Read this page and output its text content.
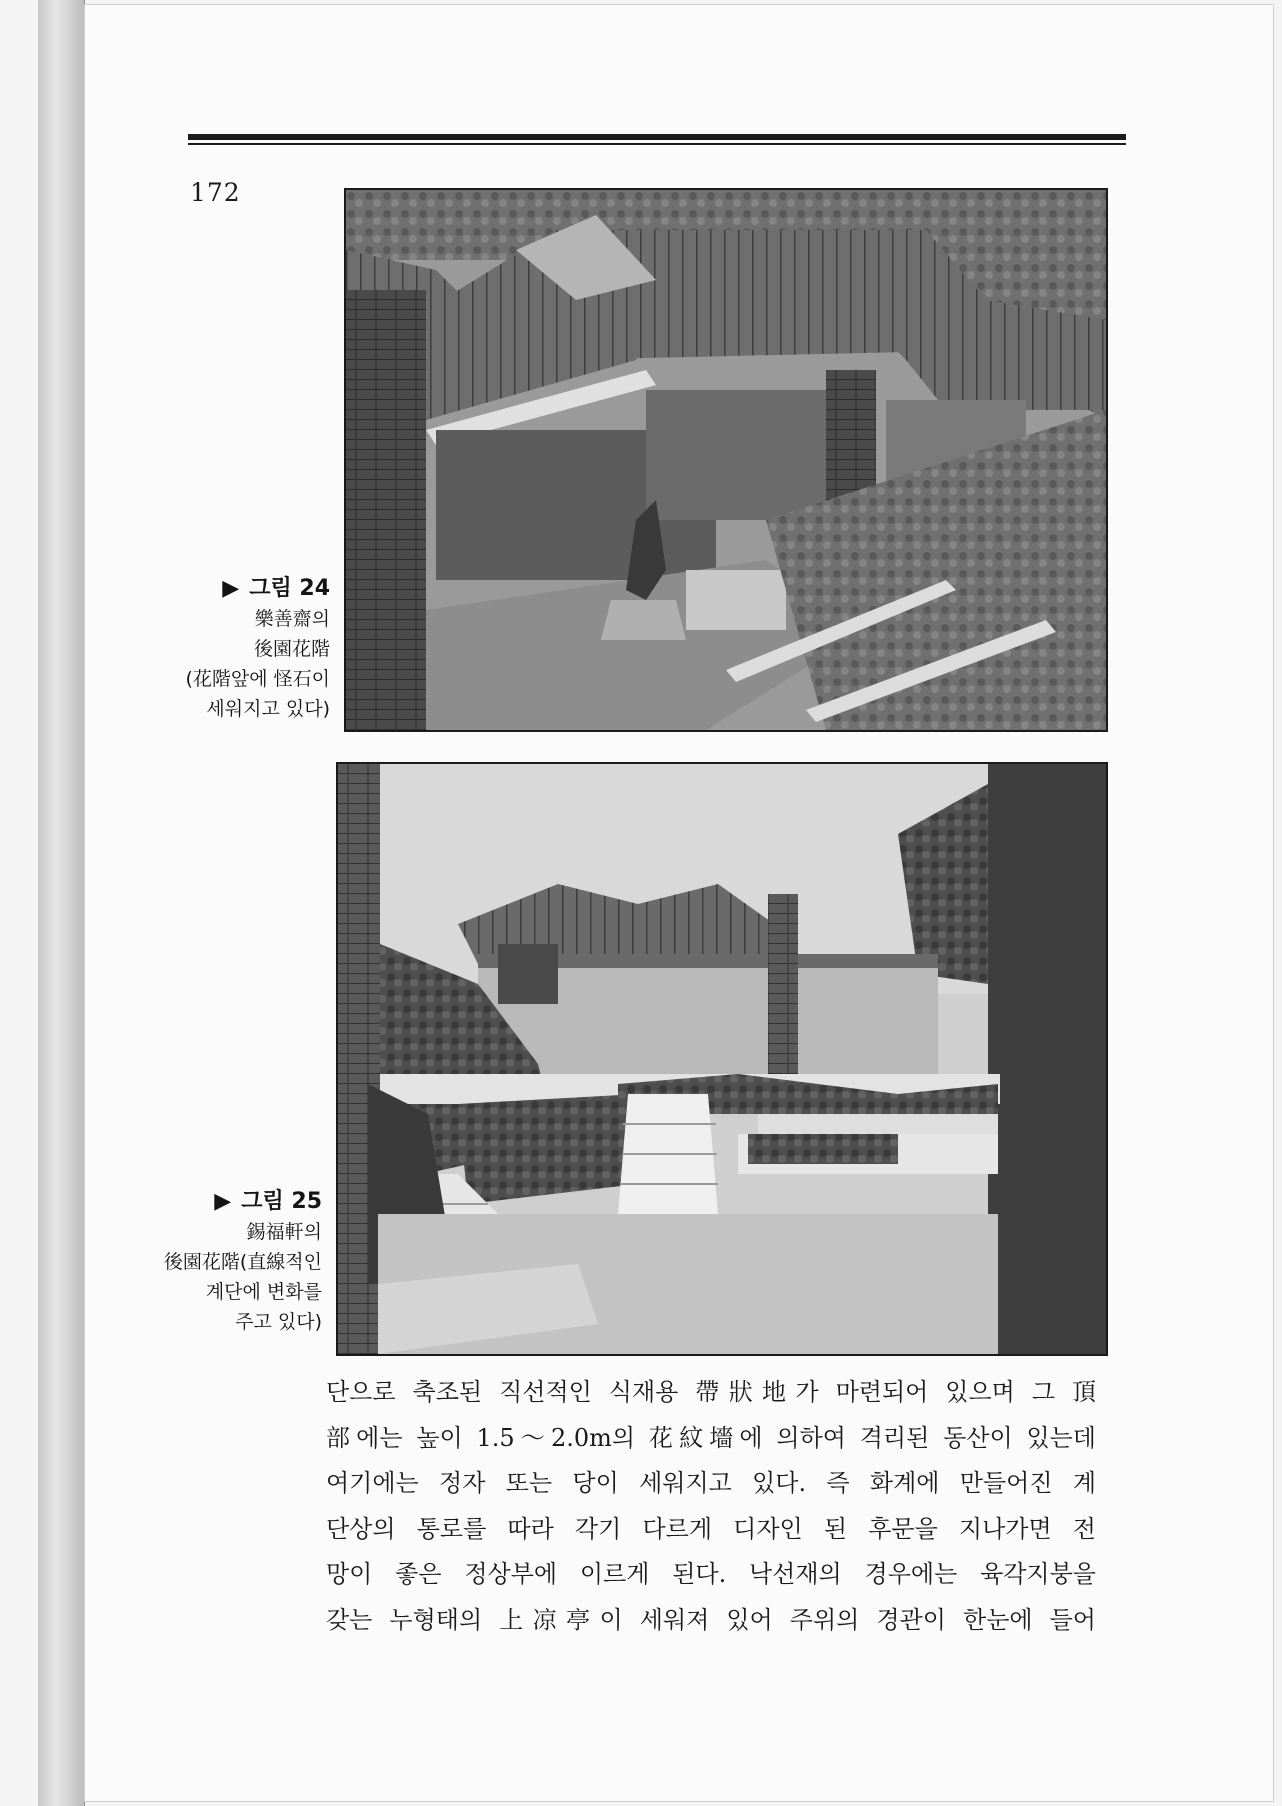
172
▶ 그림 24
樂善齋의
後園花階
(花階앞에 怪石이
세워지고 있다)
▶ 그림 25
錫福軒의
後園花階(直線적인
계단에 변화를
주고 있다)
단으로 축조된 직선적인 식재용 帶狀地가 마련되어 있으며 그 頂
部에는 높이 1.5～2.0m의 花紋墻에 의하여 격리된 동산이 있는데
여기에는 정자 또는 당이 세워지고 있다. 즉 화계에 만들어진 계
단상의 통로를 따라 각기 다르게 디자인 된 후문을 지나가면 전
망이 좋은 정상부에 이르게 된다. 낙선재의 경우에는 육각지붕을
갖는 누형태의 上凉亭이 세워져 있어 주위의 경관이 한눈에 들어
